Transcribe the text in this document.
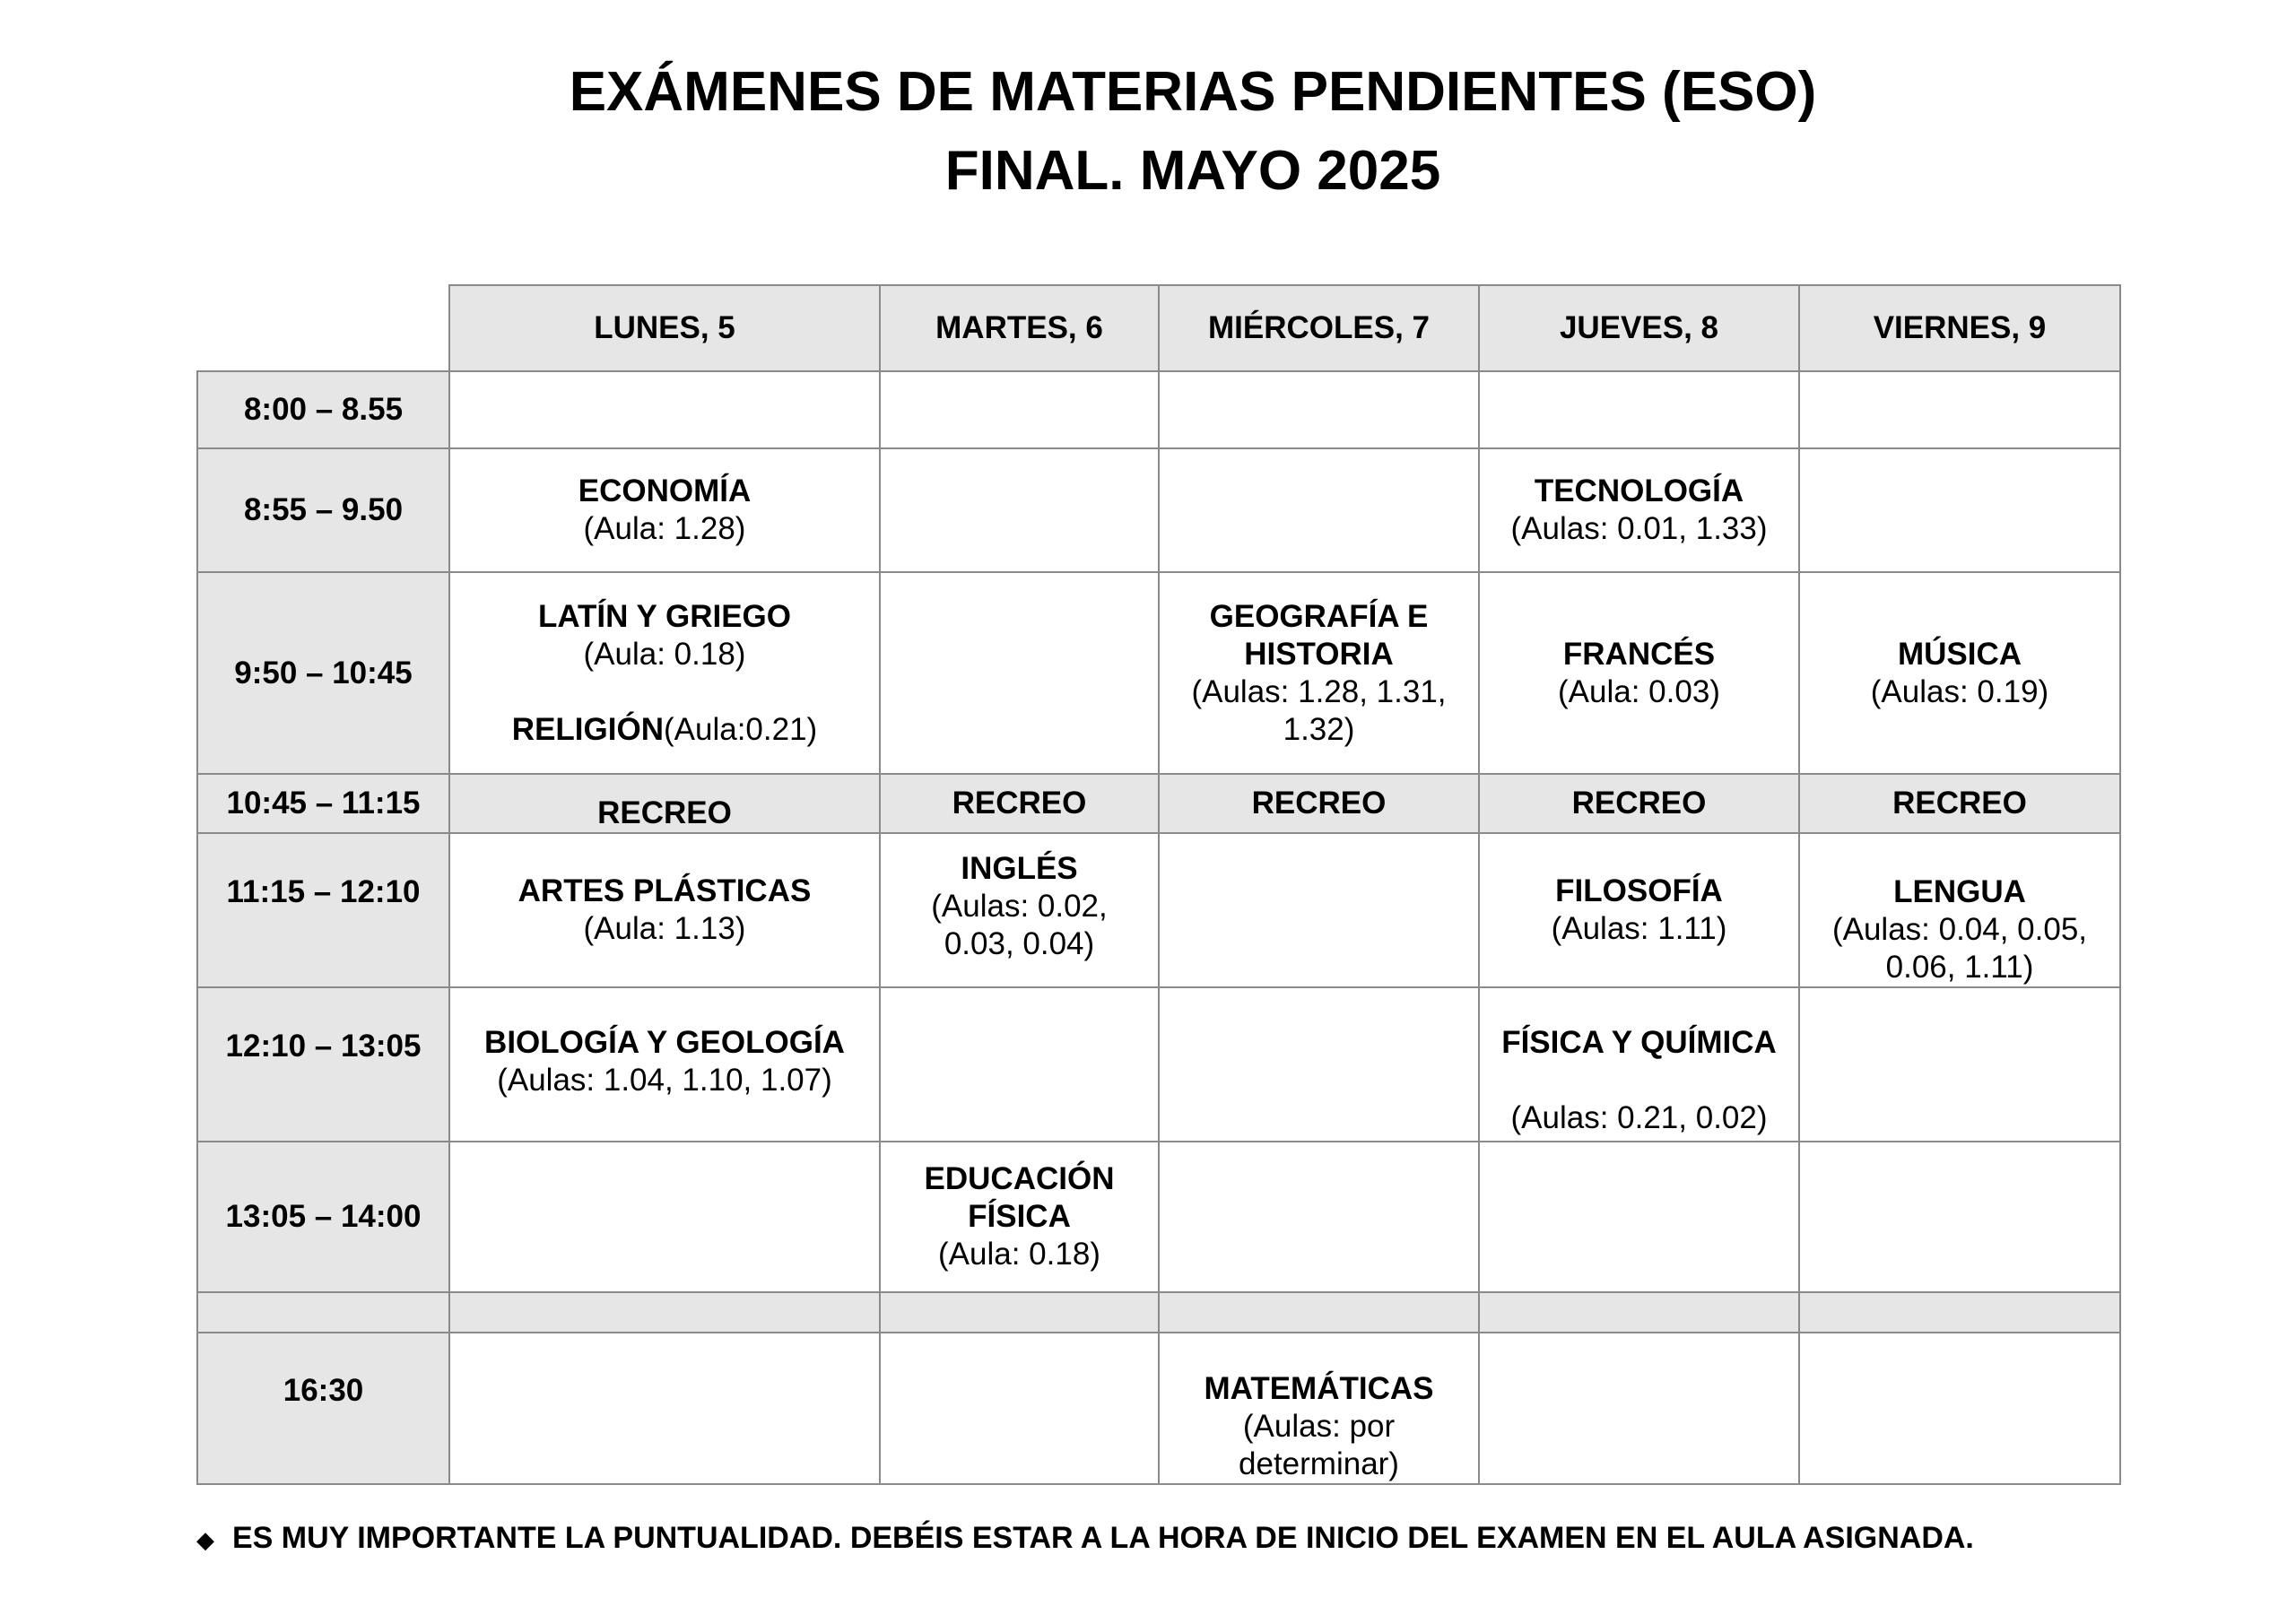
EXÁMENES DE MATERIAS PENDIENTES (ESO)
FINAL. MAYO 2025
	LUNES, 5	MARTES, 6	MIÉRCOLES, 7	JUEVES, 8	VIERNES, 9
8:00 – 8.55					
8:55 – 9.50	ECONOMÍA
(Aula: 1.28)			TECNOLOGÍA
(Aulas: 0.01, 1.33)	

9:50 – 10:45	LATÍN Y GRIEGO
(Aula: 0.18)
RELIGIÓN(Aula:0.21)		GEOGRAFÍA E
HISTORIA
(Aulas: 1.28, 1.31,
1.32)	FRANCÉS
(Aula: 0.03)	MÚSICA
(Aulas: 0.19)

10:45 – 11:15	RECREO	RECREO	RECREO	RECREO	RECREO
11:15 – 12:10	ARTES PLÁSTICAS
(Aula: 1.13)	INGLÉS
(Aulas: 0.02,
0.03, 0.04)		FILOSOFÍA
(Aulas: 1.11)	LENGUA
(Aulas: 0.04, 0.05,
0.06, 1.11)

12:10 – 13:05	BIOLOGÍA Y GEOLOGÍA
(Aulas: 1.04, 1.10, 1.07)			FÍSICA Y QUÍMICA
(Aulas: 0.21, 0.02)	

13:05 – 14:00		EDUCACIÓN
FÍSICA
(Aula: 0.18)			

16:30			MATEMÁTICAS
(Aulas: por
determinar)		

◆ ES MUY IMPORTANTE LA PUNTUALIDAD. DEBÉIS ESTAR A LA HORA DE INICIO DEL EXAMEN EN EL AULA ASIGNADA.
